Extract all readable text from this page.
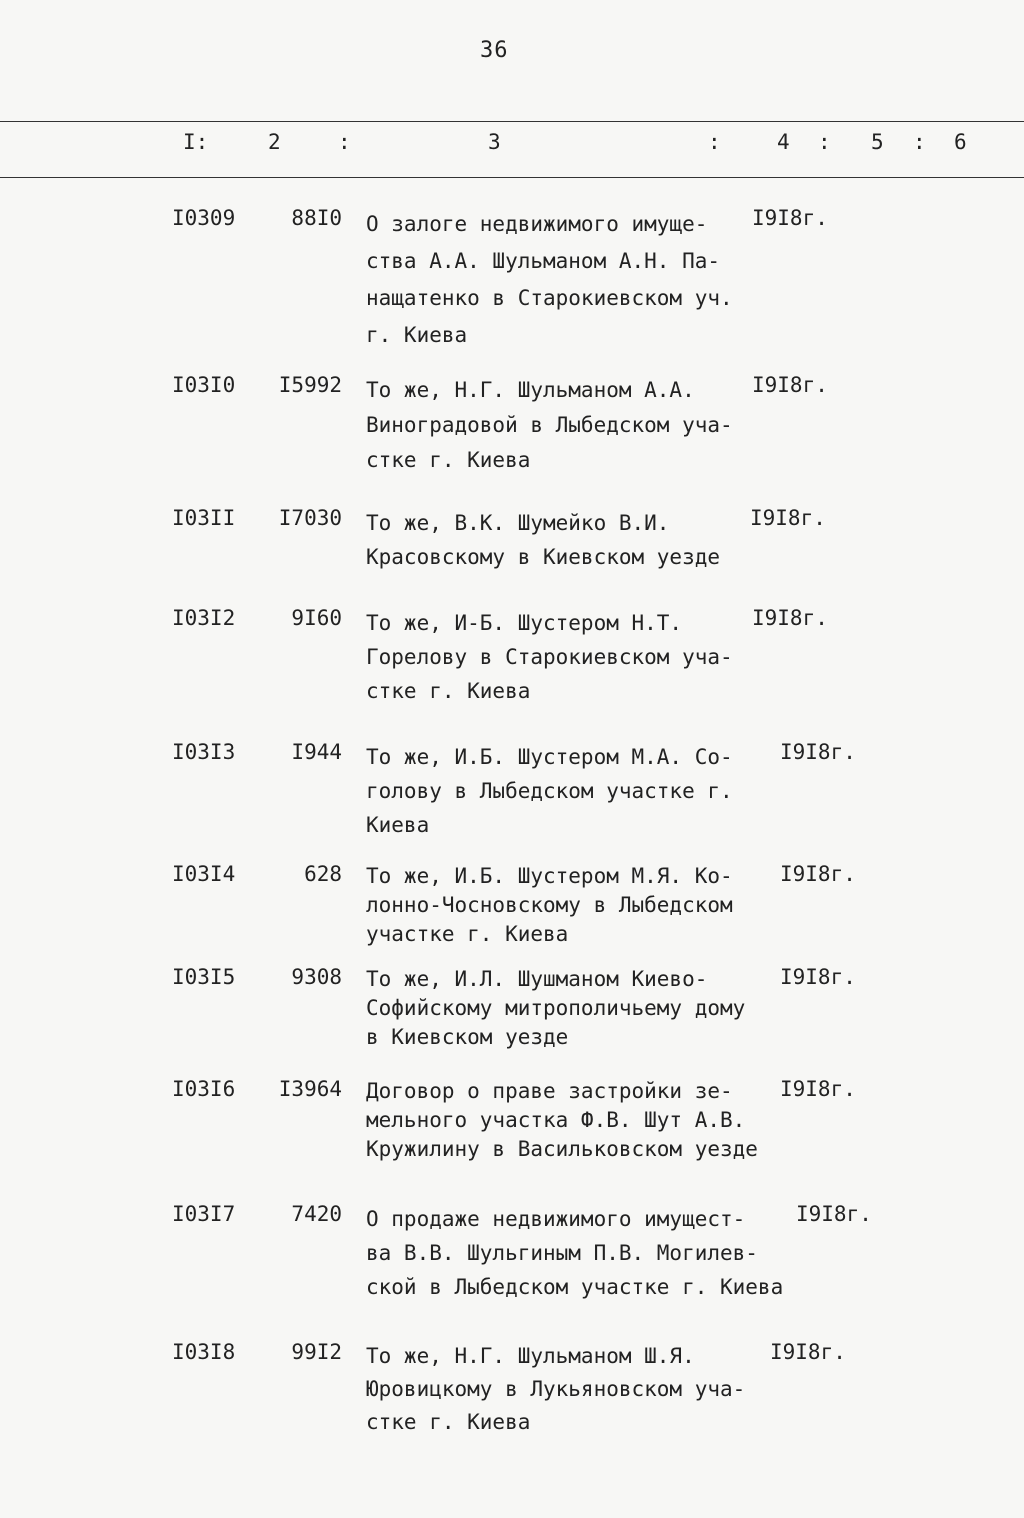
36
I:	2	:	3	:	4 : 5 : 6
I0309	88I0 О залоге недвижимого имуще-
ства А.А. Шульманом А.Н. Па-
нащатенко в Старокиевском уч.
г. Киева
I9I8г.
I03I0 I5992 То же, Н.Г. Шульманом А.А.
Виноградовой в Лыбедском уча-
стке г. Киева
I9I8г.
I03II I7030 То же, В.К. Шумейко В.И.
Красовскому в Киевском уезде
I9I8г.
I03I2	9I60 То же, И-Б. Шустером Н.Т.
Горелову в Старокиевском уча-
стке г. Киева
I9I8г.
I03I3	I944 То же, И.Б. Шустером М.А. Со-
голову в Лыбедском участке г.
Киева
I9I8г.
I03I4	628 То же, И.Б. Шустером М.Я. Ко-
лонно-Чосновскому в Лыбедском
участке г. Киева
I9I8г.
I03I5	9308 То же, И.Л. Шушманом Киево-
Софийскому митрополичьему дому
в Киевском уезде
I9I8г.
I03I6 I3964 Договор о праве застройки зе-
мельного участка Ф.В. Шут А.В.
Кружилину в Васильковском уезде
I9I8г.
I03I7	7420 О продаже недвижимого имущест-
ва В.В. Шульгиным П.В. Могилев-
ской в Лыбедском участке г. Киева
I9I8г.
I03I8	99I2 То же, Н.Г. Шульманом Ш.Я.
Юровицкому в Лукьяновском уча-
стке г. Киева
I9I8г.
